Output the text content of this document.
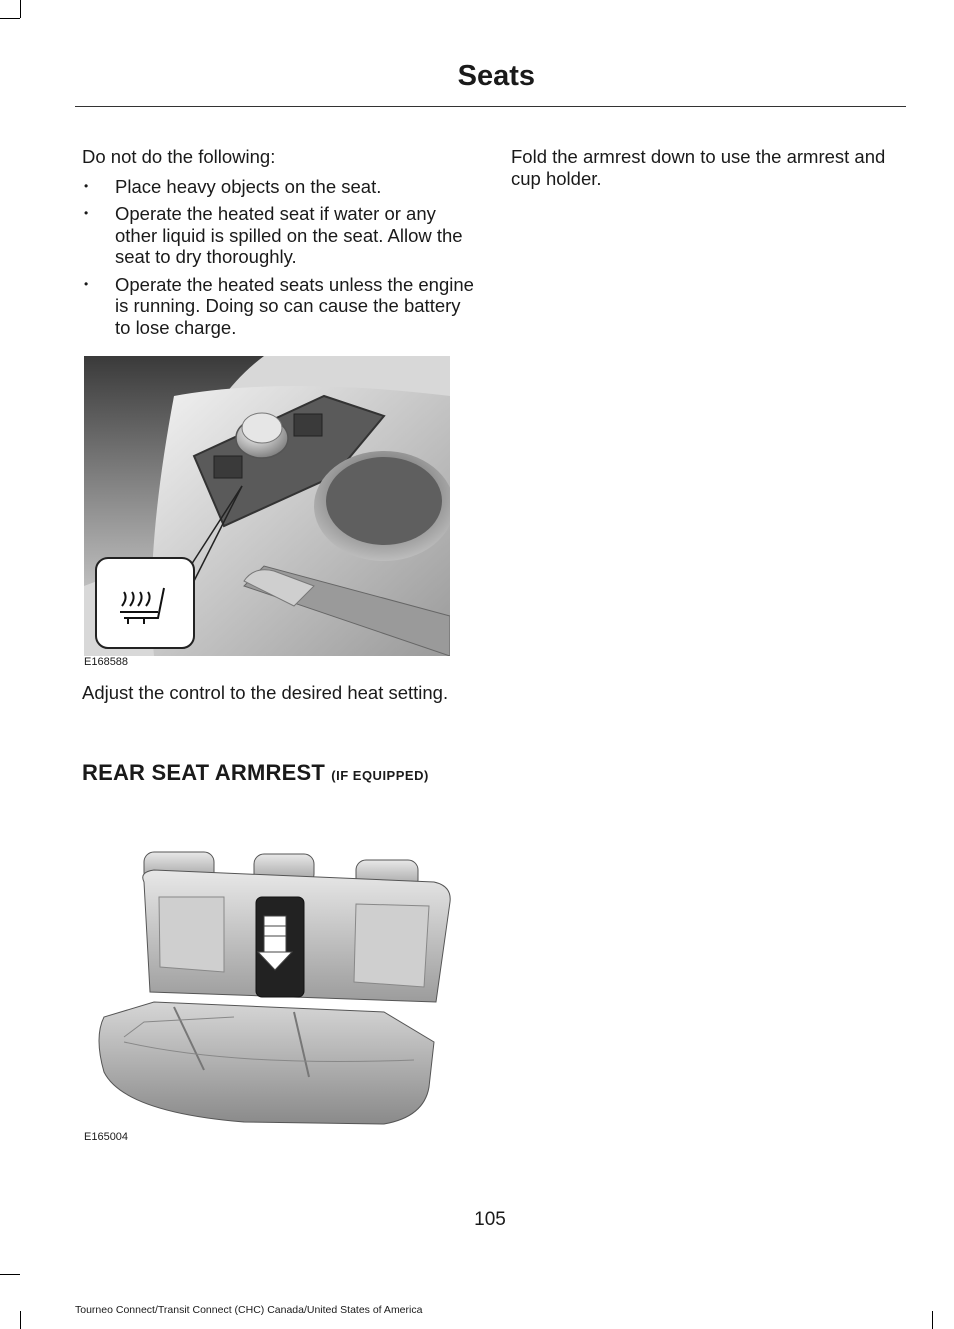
Seats

Do not do the following:

• Place heavy objects on the seat.
• Operate the heated seat if water or any other liquid is spilled on the seat. Allow the seat to dry thoroughly.
• Operate the heated seats unless the engine is running. Doing so can cause the battery to lose charge.
E168588

Adjust the control to the desired heat setting.

REAR SEAT ARMREST (IF EQUIPPED)
E165004

Fold the armrest down to use the armrest and cup holder.

105
Tourneo Connect/Transit Connect (CHC) Canada/United States of America
